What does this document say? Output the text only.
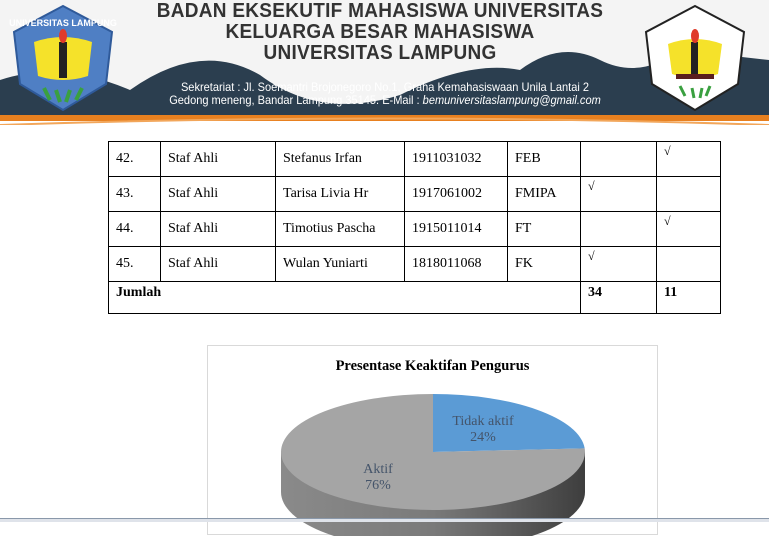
UNIVERSITAS LAMPUNG
BADAN EKSEKUTIF MAHASISWA UNIVERSITAS
KELUARGA BESAR MAHASISWA
UNIVERSITAS LAMPUNG
Sekretariat : Jl. Soemantri Brojonegoro No.1, Graha Kemahasiswaan Unila Lantai 2
Gedong meneng, Bandar Lampung 35145. E-Mail : bemuniversitaslampung@gmail.com
42.	Staf Ahli	Stefanus Irfan	1911031032	FEB		√
43.	Staf Ahli	Tarisa Livia Hr	1917061002	FMIPA	√	
44.	Staf Ahli	Timotius Pascha	1915011014	FT		√
45.	Staf Ahli	Wulan Yuniarti	1818011068	FK	√	
Jumlah					34	11
Presentase Keaktifan Pengurus
Tidak aktif
24%
Aktif
76%
